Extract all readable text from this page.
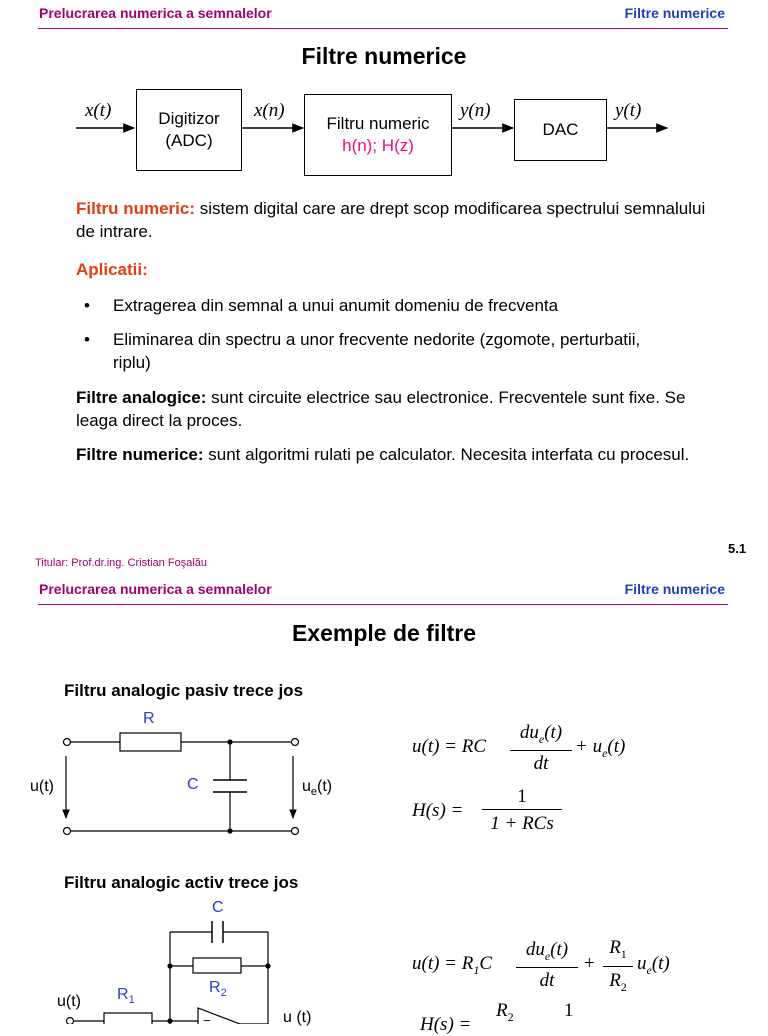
Prelucrarea numerica a semnalelor	Filtre numerice
Filtre numerice
x(t)	Digitizor
(ADC)
x(n)
Filtru numeric
h(n); H(z)
y(n)
DAC
y(t)
Filtru numeric: sistem digital care are drept scop modificarea spectrului semnalului de intrare.
Aplicatii:
• Extragerea din semnal a unui anumit domeniu de frecventa
• Eliminarea din spectru a unor frecvente nedorite (zgomote, perturbatii, riplu)
Filtre analogice: sunt circuite electrice sau electronice. Frecventele sunt fixe. Se leaga direct la proces.
Filtre numerice: sunt algoritmi rulati pe calculator. Necesita interfata cu procesul.
5.1
Titular: Prof.dr.ing. Cristian Foşalău
Prelucrarea numerica a semnalelor	Filtre numerice
Exemple de filtre
Filtru analogic pasiv trece jos
R
C
u(t)	$u_e(t)$
u(t) = RC
$du_e(t)$
dt
+ $u_e(t)$
H(s) =
1
1 + RCs
Filtru analogic activ trece jos
−
C
$R_1$
$R_2$
u(t)
u (t)
$u(t) = R_1C$
$du_e(t)$
dt
+ $\frac{R_1}{R_2} u_e(t)$
H(s) =
$R_2$	1
